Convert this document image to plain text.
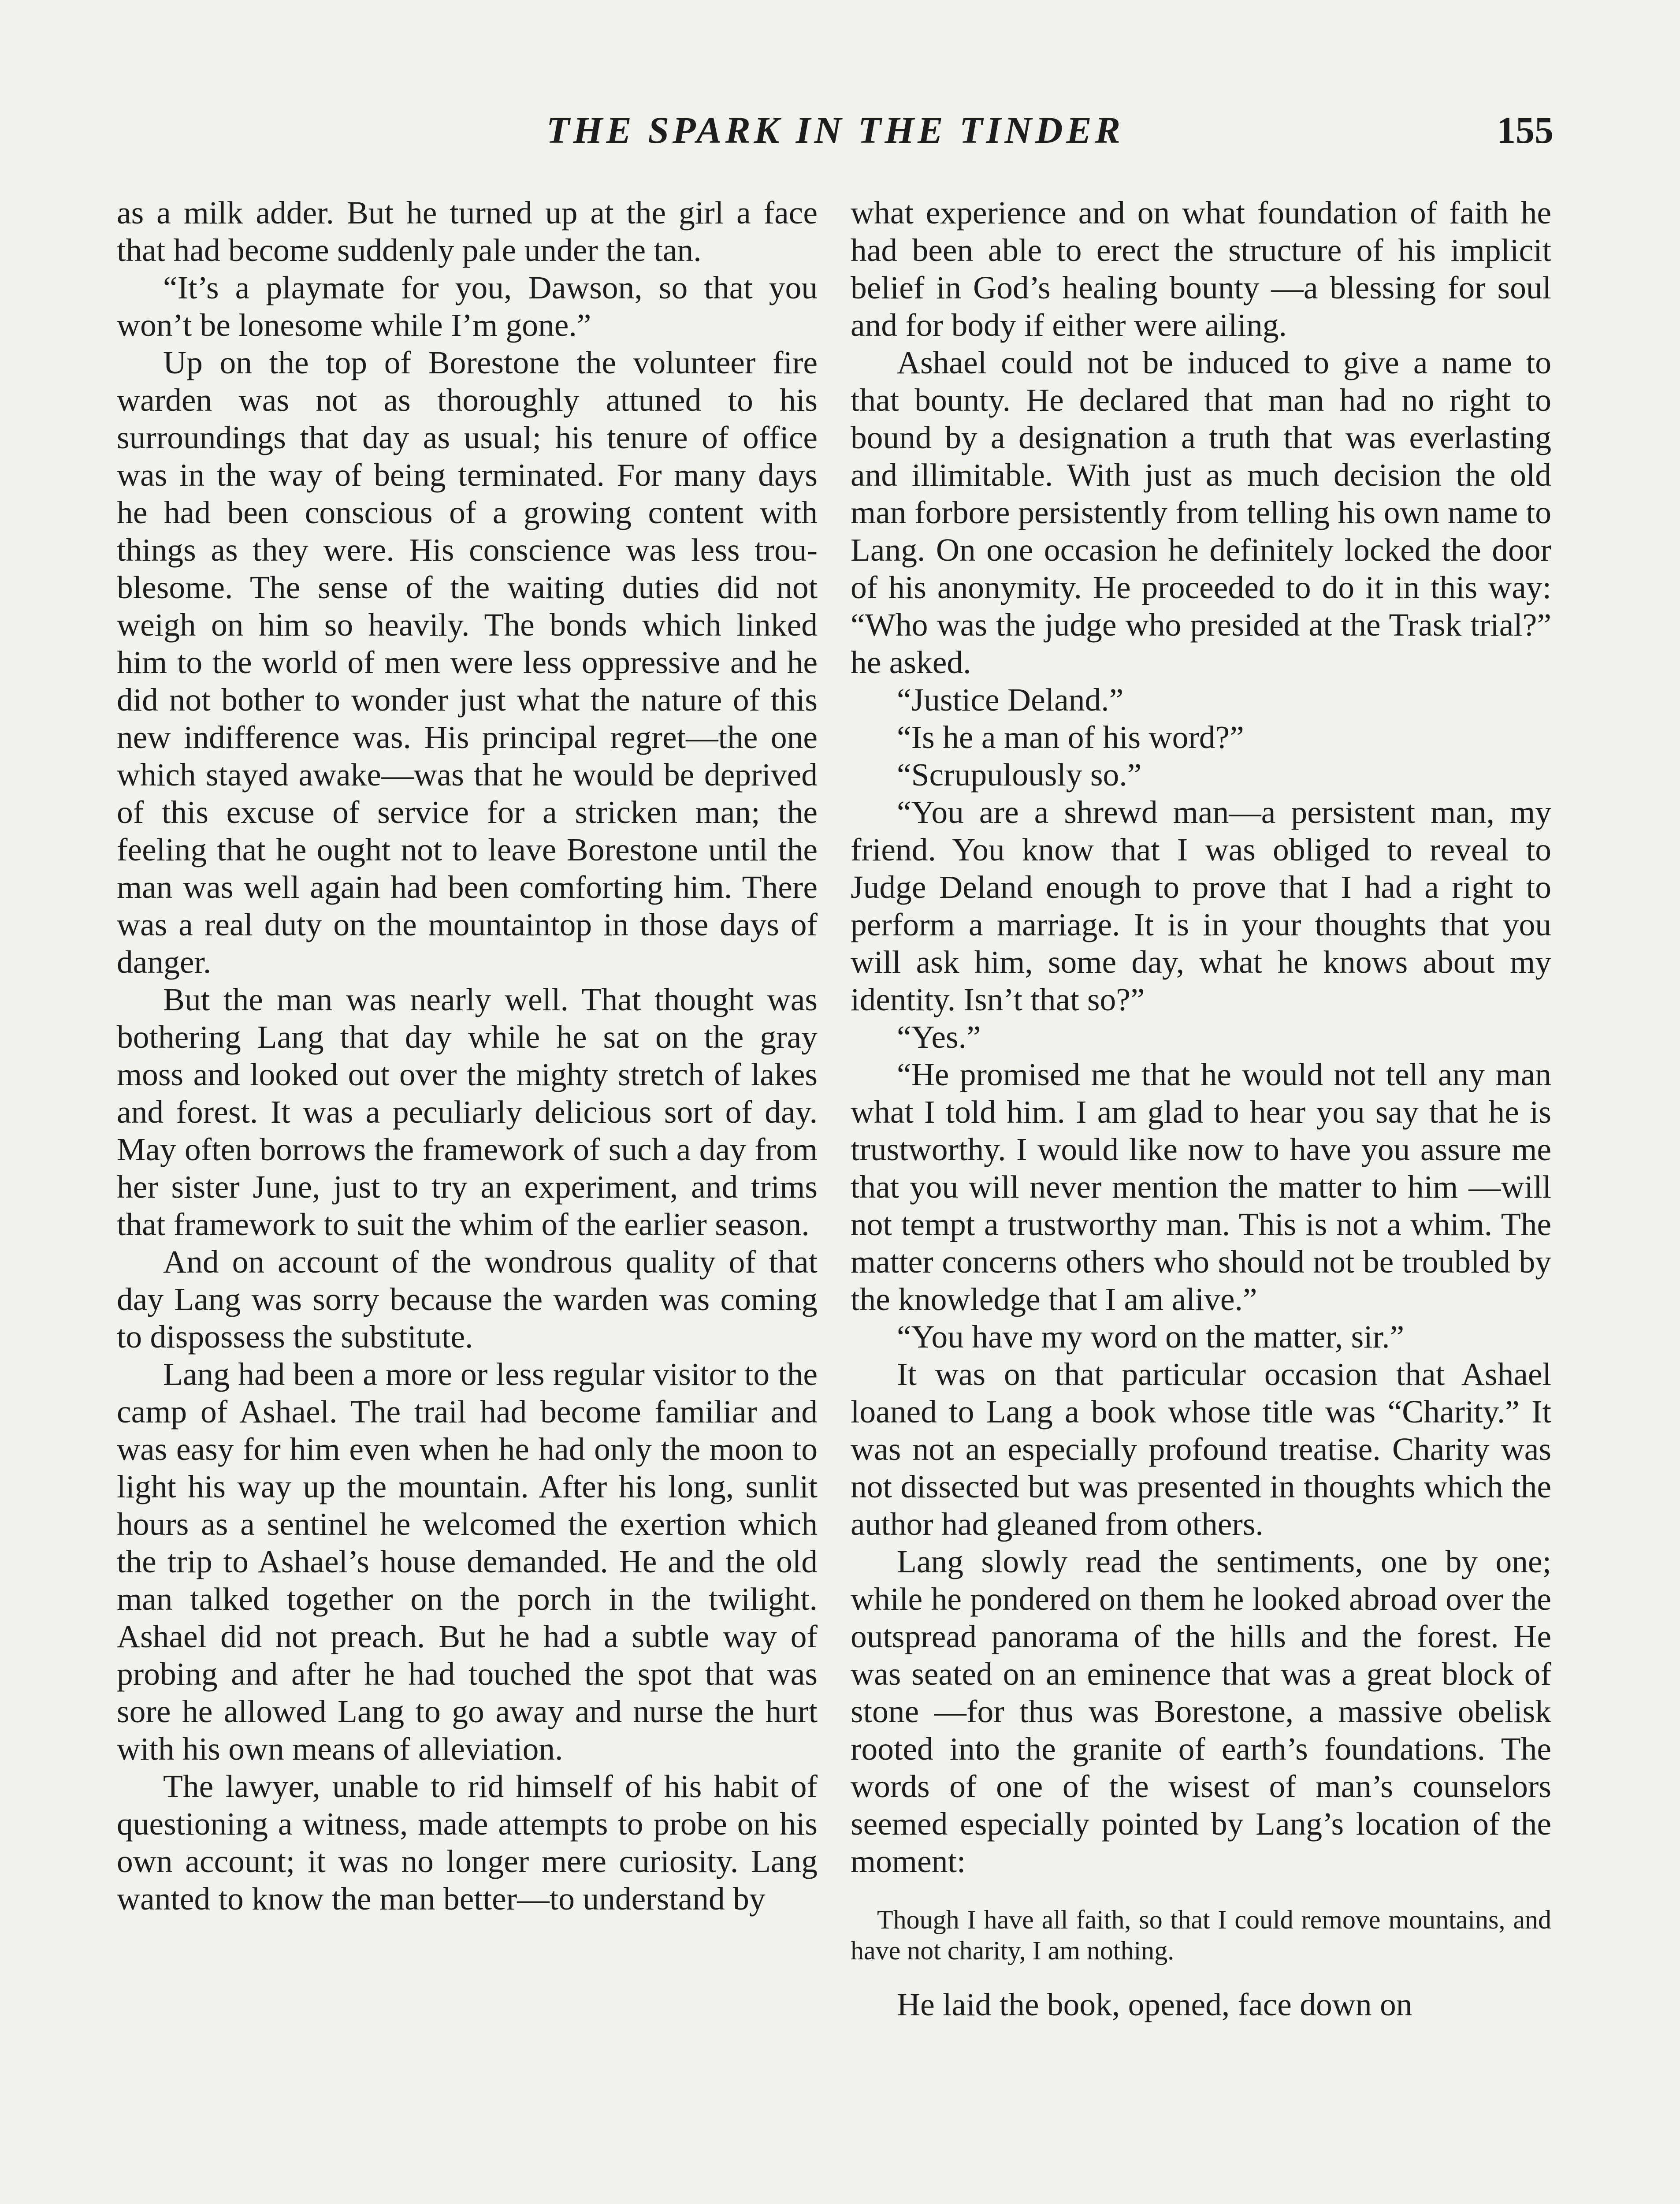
THE SPARK IN THE TINDER	155

as a milk adder. But he turned up at the girl a face that had become suddenly pale under the tan.

“It’s a playmate for you, Dawson, so that you won’t be lonesome while I’m gone.”

Up on the top of Borestone the volunteer fire warden was not as thoroughly attuned to his surroundings that day as usual; his tenure of office was in the way of being terminated. For many days he had been conscious of a growing content with things as they were. His conscience was less troublesome. The sense of the waiting duties did not weigh on him so heavily. The bonds which linked him to the world of men were less oppressive and he did not bother to wonder just what the nature of this new indifference was. His principal regret—the one which stayed awake—was that he would be deprived of this excuse of service for a stricken man; the feeling that he ought not to leave Borestone until the man was well again had been comforting him. There was a real duty on the mountaintop in those days of danger.

But the man was nearly well. That thought was bothering Lang that day while he sat on the gray moss and looked out over the mighty stretch of lakes and forest. It was a peculiarly delicious sort of day. May often borrows the framework of such a day from her sister June, just to try an experiment, and trims that framework to suit the whim of the earlier season.

And on account of the wondrous quality of that day Lang was sorry because the warden was coming to dispossess the substitute.

Lang had been a more or less regular visitor to the camp of Ashael. The trail had become familiar and was easy for him even when he had only the moon to light his way up the mountain. After his long, sunlit hours as a sentinel he welcomed the exertion which the trip to Ashael’s house demanded. He and the old man talked together on the porch in the twilight. Ashael did not preach. But he had a subtle way of probing and after he had touched the spot that was sore he allowed Lang to go away and nurse the hurt with his own means of alleviation.

The lawyer, unable to rid himself of his habit of questioning a witness, made attempts to probe on his own account; it was no longer mere curiosity. Lang wanted to know the man better—to understand by

what experience and on what foundation of faith he had been able to erect the structure of his implicit belief in God’s healing bounty —a blessing for soul and for body if either were ailing.

Ashael could not be induced to give a name to that bounty. He declared that man had no right to bound by a designation a truth that was everlasting and illimitable. With just as much decision the old man forbore persistently from telling his own name to Lang. On one occasion he definitely locked the door of his anonymity. He proceeded to do it in this way: “Who was the judge who presided at the Trask trial?” he asked.

“Justice Deland.”

“Is he a man of his word?”

“Scrupulously so.”

“You are a shrewd man—a persistent man, my friend. You know that I was obliged to reveal to Judge Deland enough to prove that I had a right to perform a marriage. It is in your thoughts that you will ask him, some day, what he knows about my identity. Isn’t that so?”

“Yes.”

“He promised me that he would not tell any man what I told him. I am glad to hear you say that he is trustworthy. I would like now to have you assure me that you will never mention the matter to him —will not tempt a trustworthy man. This is not a whim. The matter concerns others who should not be troubled by the knowledge that I am alive.”

“You have my word on the matter, sir.”

It was on that particular occasion that Ashael loaned to Lang a book whose title was “Charity.” It was not an especially profound treatise. Charity was not dissected but was presented in thoughts which the author had gleaned from others.

Lang slowly read the sentiments, one by one; while he pondered on them he looked abroad over the outspread panorama of the hills and the forest. He was seated on an eminence that was a great block of stone —for thus was Borestone, a massive obelisk rooted into the granite of earth’s foundations. The words of one of the wisest of man’s counselors seemed especially pointed by Lang’s location of the moment:

Though I have all faith, so that I could remove mountains, and have not charity, I am nothing.

He laid the book, opened, face down on
